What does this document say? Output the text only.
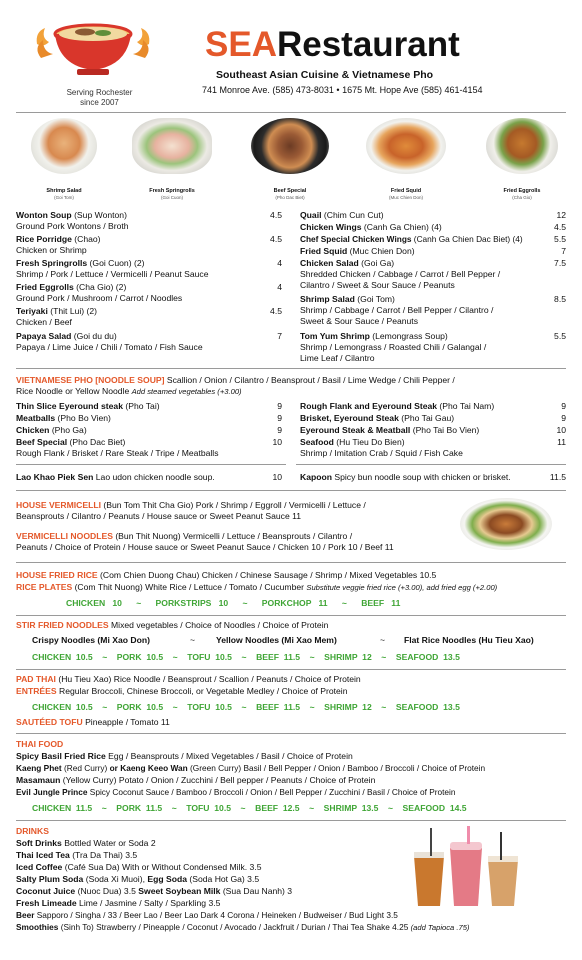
Serving Rochester
since 2007
SEARestaurant
Southeast Asian Cuisine & Vietnamese Pho
741 Monroe Ave. (585) 473-8031 • 1675 Mt. Hope Ave (585) 461-4154
Shrimp Salad
(Goi Tom)
Fresh Springrolls
(Goi Cuon)
Beef Special
(Pho Dac Biet)
Fried Squid
(Muc Chien Don)
Fried Eggrolls
(Cha Gio)
Wonton Soup (Sup Wonton)	4.5
Ground Pork Wontons / Broth
Rice Porridge (Chao)	4.5
Chicken or Shrimp
Fresh Springrolls (Goi Cuon) (2)	4
Shrimp / Pork / Lettuce / Vermicelli / Peanut Sauce
Fried Eggrolls (Cha Gio) (2)	4
Ground Pork / Mushroom / Carrot / Noodles
Teriyaki (Thit Lui) (2)	4.5
Chicken / Beef
Papaya Salad (Goi du du)	7
Papaya / Lime Juice / Chili / Tomato / Fish Sauce
Quail (Chim Cun Cut)	12
Chicken Wings (Canh Ga Chien) (4)	4.5
Chef Special Chicken Wings (Canh Ga Chien Dac Biet) (4)	5.5
Fried Squid (Muc Chien Don)	7
Chicken Salad (Goi Ga)	7.5
Shredded Chicken / Cabbage / Carrot / Bell Pepper /
Cilantro / Sweet & Sour Sauce / Peanuts
Shrimp Salad (Goi Tom)	8.5
Shrimp / Cabbage / Carrot / Bell Pepper / Cilantro /
Sweet & Sour Sauce / Peanuts
Tom Yum Shrimp (Lemongrass Soup)	5.5
Shrimp / Lemongrass / Roasted Chili / Galangal /
Lime Leaf / Cilantro
VIETNAMESE PHO [NOODLE SOUP] Scallion / Onion / Cilantro / Beansprout / Basil / Lime Wedge / Chili Pepper /
Rice Noodle or Yellow Noodle Add steamed vegetables (+3.00)
Thin Slice Eyeround steak (Pho Tai)	9
Meatballs (Pho Bo Vien)	9
Chicken (Pho Ga)	9
Beef Special (Pho Dac Biet)	10
Rough Flank / Brisket / Rare Steak / Tripe / Meatballs
Rough Flank and Eyeround Steak (Pho Tai Nam)	9
Brisket, Eyeround Steak (Pho Tai Gau)	9
Eyeround Steak & Meatball (Pho Tai Bo Vien)	10
Seafood (Hu Tieu Do Bien)	11
Shrimp / Imitation Crab / Squid / Fish Cake
Lao Khao Piek Sen Lao udon chicken noodle soup.	10 Kapoon Spicy bun noodle soup with chicken or brisket.	11.5
HOUSE VERMICELLI (Bun Tom Thit Cha Gio) Pork / Shrimp / Eggroll / Vermicelli / Lettuce /
Beansprouts / Cilantro / Peanuts / House sauce or Sweet Peanut Sauce 11
VERMICELLI NOODLES (Bun Thit Nuong) Vermicelli / Lettuce / Beansprouts / Cilantro /
Peanuts / Choice of Protein / House sauce or Sweet Peanut Sauce / Chicken 10 / Pork 10 / Beef 11
HOUSE FRIED RICE (Com Chien Duong Chau) Chicken / Chinese Sausage / Shrimp / Mixed Vegetables 10.5
RICE PLATES (Com Thit Nuong) White Rice / Lettuce / Tomato / Cucumber Substitute veggie fried rice (+3.00), add fried egg (+2.00)
CHICKEN   10      ~      PORKSTRIPS   10      ~      PORKCHOP   11      ~      BEEF   11
STIR FRIED NOODLES Mixed vegetables / Choice of Noodles / Choice of Protein
Crispy Noodles (Mi Xao Don)	~ Yellow Noodles (Mi Xao Mem)	~ Flat Rice Noodles (Hu Tieu Xao)
CHICKEN  10.5    ~    PORK  10.5    ~    TOFU  10.5    ~    BEEF  11.5    ~    SHRIMP  12    ~    SEAFOOD  13.5
PAD THAI (Hu Tieu Xao) Rice Noodle / Beansprout / Scallion / Peanuts / Choice of Protein
ENTRÉES Regular Broccoli, Chinese Broccoli, or Vegetable Medley / Choice of Protein
CHICKEN  10.5    ~    PORK  10.5    ~    TOFU  10.5    ~    BEEF  11.5    ~    SHRIMP  12    ~    SEAFOOD  13.5
SAUTÉED TOFU Pineapple / Tomato 11
THAI FOOD
Spicy Basil Fried Rice Egg / Beansprouts / Mixed Vegetables / Basil / Choice of Protein
Kaeng Phet (Red Curry) or Kaeng Keeo Wan (Green Curry) Basil / Bell Pepper / Onion / Bamboo / Broccoli / Choice of Protein
Masamaun (Yellow Curry) Potato / Onion / Zucchini / Bell pepper / Peanuts / Choice of Protein
Evil Jungle Prince Spicy Coconut Sauce / Bamboo / Broccoli / Onion / Bell Pepper / Zucchini / Basil / Choice of Protein
CHICKEN  11.5    ~    PORK  11.5    ~    TOFU  10.5    ~    BEEF  12.5    ~    SHRIMP  13.5    ~    SEAFOOD  14.5
DRINKS
Soft Drinks Bottled Water or Soda 2
Thai Iced Tea (Tra Da Thai) 3.5
Iced Coffee (Café Sua Da) With or Without Condensed Milk. 3.5
Salty Plum Soda (Soda Xi Muoi), Egg Soda (Soda Hot Ga) 3.5
Coconut Juice (Nuoc Dua) 3.5 Sweet Soybean Milk (Sua Dau Nanh) 3
Fresh Limeade Lime / Jasmine / Salty / Sparkling 3.5
Beer Sapporo / Singha / 33 / Beer Lao / Beer Lao Dark 4 Corona / Heineken / Budweiser / Bud Light 3.5
Smoothies (Sinh To) Strawberry / Pineapple / Coconut / Avocado / Jackfruit / Durian / Thai Tea Shake 4.25 (add Tapioca .75)
